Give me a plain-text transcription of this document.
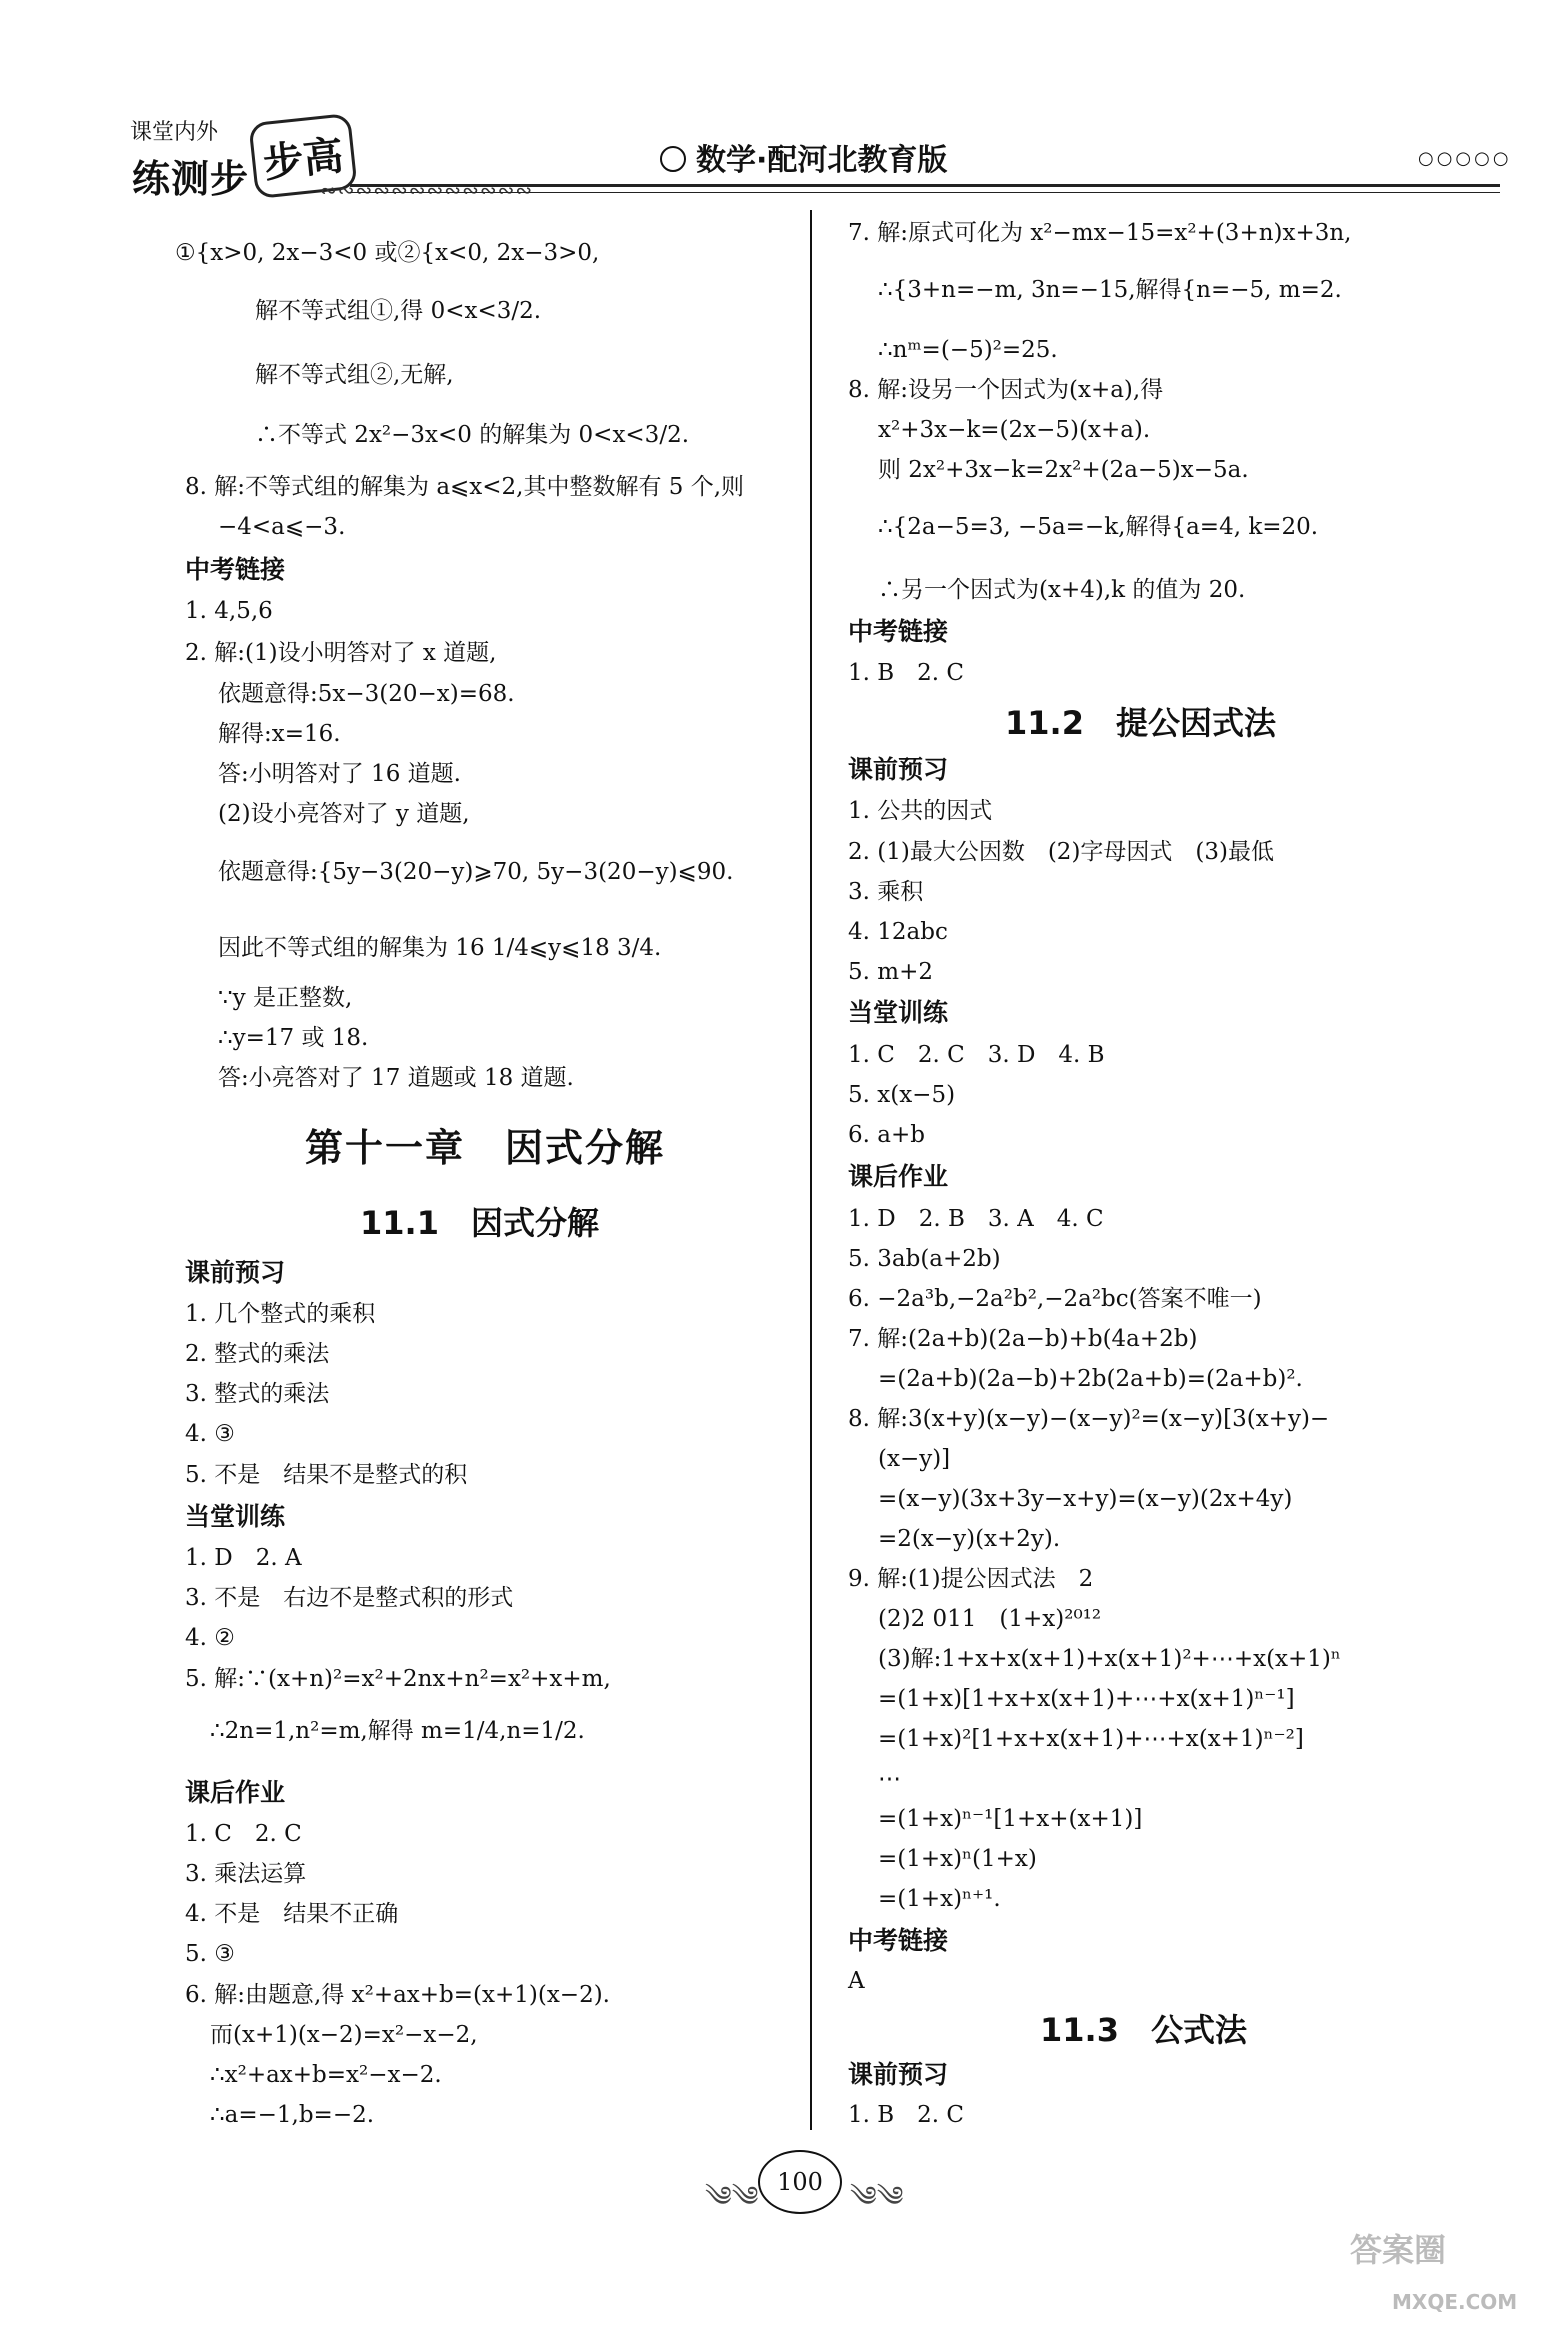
课堂内外
练测步 步高
∾∾∾∾∾∾∾∾∾∾∾∾
数学·配河北教育版	○○○○○
①{x>0, 2x−3<0 或②{x<0, 2x−3>0,
解不等式组①,得 0<x<3/2.
解不等式组②,无解,
∴不等式 2x²−3x<0 的解集为 0<x<3/2.
8. 解:不等式组的解集为 a⩽x<2,其中整数解有 5 个,则
−4<a⩽−3.
中考链接
1. 4,5,6
2. 解:(1)设小明答对了 x 道题,
依题意得:5x−3(20−x)=68.
解得:x=16.
答:小明答对了 16 道题.
(2)设小亮答对了 y 道题,
依题意得:{5y−3(20−y)⩾70, 5y−3(20−y)⩽90.
因此不等式组的解集为 16 1/4⩽y⩽18 3/4.
∵y 是正整数,
∴y=17 或 18.
答:小亮答对了 17 道题或 18 道题.
第十一章　因式分解
11.1　因式分解
课前预习
1. 几个整式的乘积
2. 整式的乘法
3. 整式的乘法
4. ③
5. 不是　结果不是整式的积
当堂训练
1. D　2. A
3. 不是　右边不是整式积的形式
4. ②
5. 解:∵(x+n)²=x²+2nx+n²=x²+x+m,
∴2n=1,n²=m,解得 m=1/4,n=1/2.
课后作业
1. C　2. C
3. 乘法运算
4. 不是　结果不正确
5. ③
6. 解:由题意,得 x²+ax+b=(x+1)(x−2).
而(x+1)(x−2)=x²−x−2,
∴x²+ax+b=x²−x−2.
∴a=−1,b=−2.
7. 解:原式可化为 x²−mx−15=x²+(3+n)x+3n,
∴{3+n=−m, 3n=−15,解得{n=−5, m=2.
∴nᵐ=(−5)²=25.
8. 解:设另一个因式为(x+a),得
x²+3x−k=(2x−5)(x+a).
则 2x²+3x−k=2x²+(2a−5)x−5a.
∴{2a−5=3, −5a=−k,解得{a=4, k=20.
∴另一个因式为(x+4),k 的值为 20.
中考链接
1. B　2. C
11.2　提公因式法
课前预习
1. 公共的因式
2. (1)最大公因数　(2)字母因式　(3)最低
3. 乘积
4. 12abc
5. m+2
当堂训练
1. C　2. C　3. D　4. B
5. x(x−5)
6. a+b
课后作业
1. D　2. B　3. A　4. C
5. 3ab(a+2b)
6. −2a³b,−2a²b²,−2a²bc(答案不唯一)
7. 解:(2a+b)(2a−b)+b(4a+2b)
=(2a+b)(2a−b)+2b(2a+b)=(2a+b)².
8. 解:3(x+y)(x−y)−(x−y)²=(x−y)[3(x+y)−
(x−y)]
=(x−y)(3x+3y−x+y)=(x−y)(2x+4y)
=2(x−y)(x+2y).
9. 解:(1)提公因式法　2
(2)2 011　(1+x)²⁰¹²
(3)解:1+x+x(x+1)+x(x+1)²+⋯+x(x+1)ⁿ
=(1+x)[1+x+x(x+1)+⋯+x(x+1)ⁿ⁻¹]
=(1+x)²[1+x+x(x+1)+⋯+x(x+1)ⁿ⁻²]
⋯
=(1+x)ⁿ⁻¹[1+x+(x+1)]
=(1+x)ⁿ(1+x)
=(1+x)ⁿ⁺¹.
中考链接
A
11.3　公式法
课前预习
1. B　2. C
༄༄ 100 ༄༄
答案圈
MXQE.COM
